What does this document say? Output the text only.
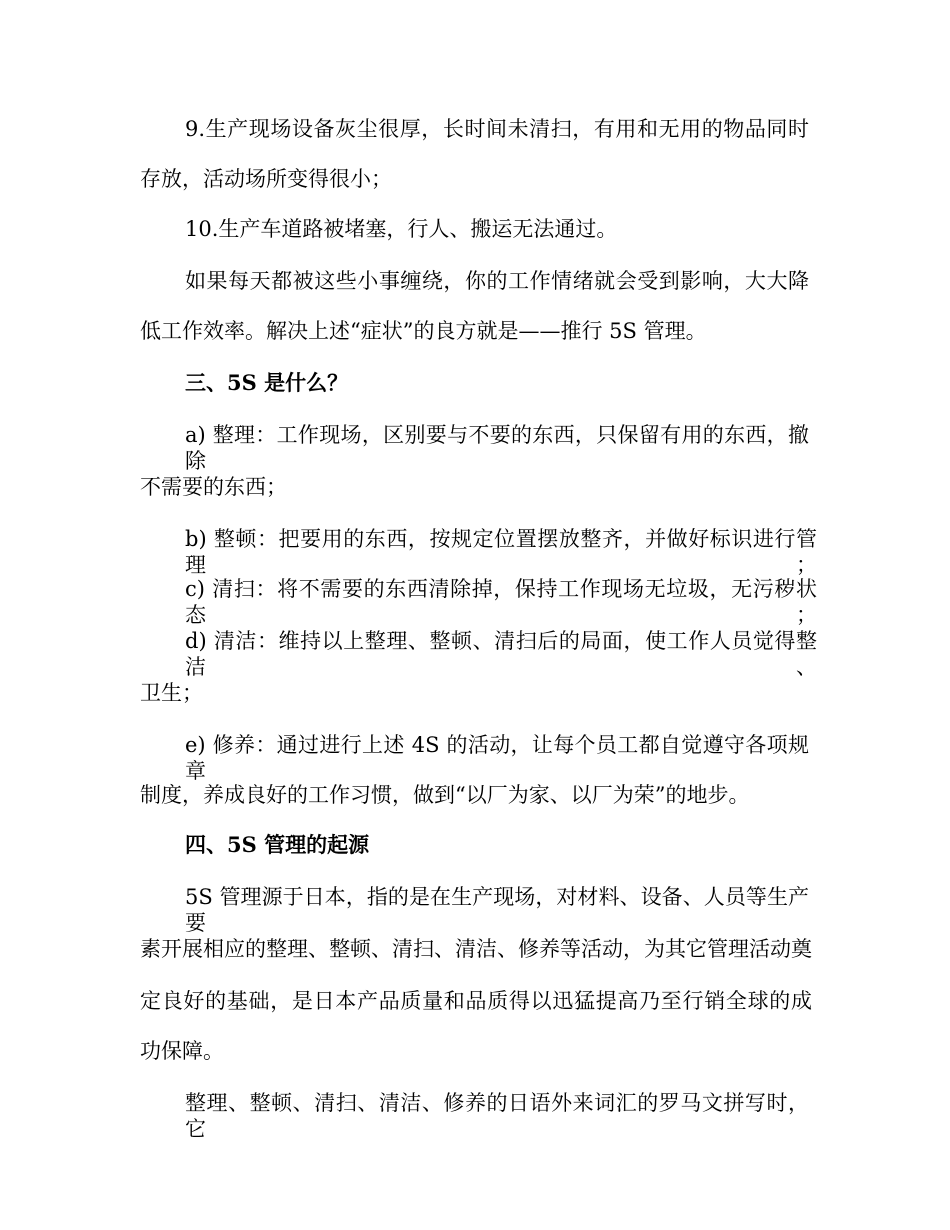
9.生产现场设备灰尘很厚，长时间未清扫，有用和无用的物品同时

存放，活动场所变得很小；

10.生产车道路被堵塞，行人、搬运无法通过。

如果每天都被这些小事缠绕，你的工作情绪就会受到影响，大大降

低工作效率。解决上述“症状”的良方就是——推行 5S 管理。

三、5S 是什么？

a) 整理：工作现场，区别要与不要的东西，只保留有用的东西，撤除

不需要的东西；

b) 整顿：把要用的东西，按规定位置摆放整齐，并做好标识进行管理；

c) 清扫：将不需要的东西清除掉，保持工作现场无垃圾，无污秽状态；

d) 清洁：维持以上整理、整顿、清扫后的局面，使工作人员觉得整洁、

卫生；

e) 修养：通过进行上述 4S 的活动，让每个员工都自觉遵守各项规章

制度，养成良好的工作习惯，做到“以厂为家、以厂为荣”的地步。

四、5S 管理的起源

5S 管理源于日本，指的是在生产现场，对材料、设备、人员等生产要

素开展相应的整理、整顿、清扫、清洁、修养等活动，为其它管理活动奠

定良好的基础，是日本产品质量和品质得以迅猛提高乃至行销全球的成

功保障。

整理、整顿、清扫、清洁、修养的日语外来词汇的罗马文拼写时，它
